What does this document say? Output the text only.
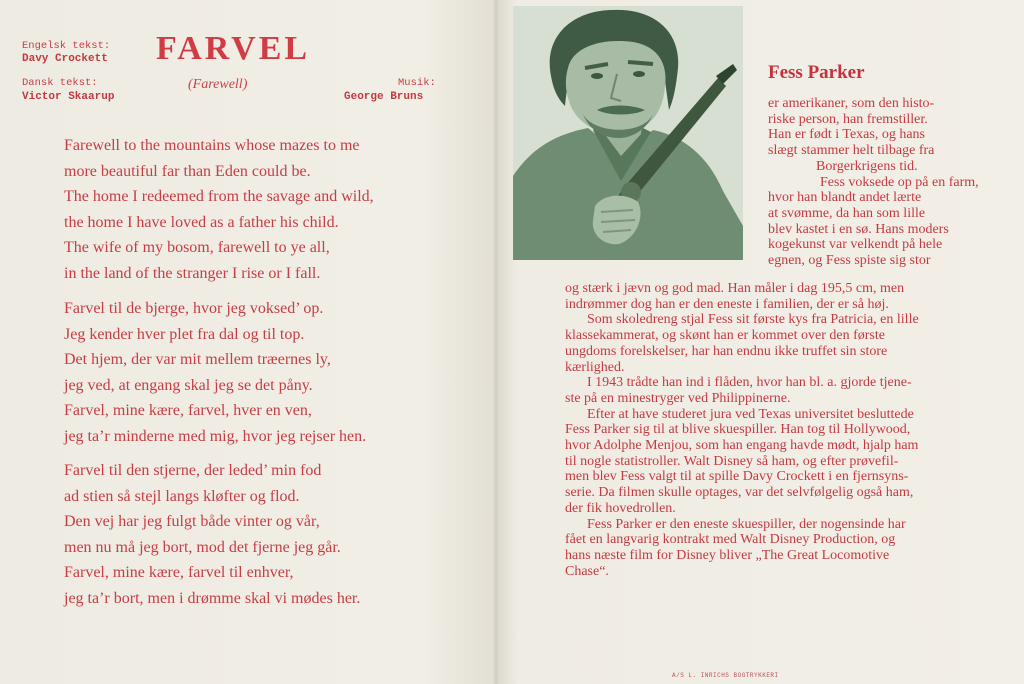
Engelsk tekst:
Davy Crockett
Dansk tekst:
Victor Skaarup
FARVEL
(Farewell)	Musik:
George Bruns
Farewell to the mountains whose mazes to me
more beautiful far than Eden could be.
The home I redeemed from the savage and wild,
the home I have loved as a father his child.
The wife of my bosom, farewell to ye all,
in the land of the stranger I rise or I fall.
Farvel til de bjerge, hvor jeg voksed’ op.
Jeg kender hver plet fra dal og til top.
Det hjem, der var mit mellem træernes ly,
jeg ved, at engang skal jeg se det påny.
Farvel, mine kære, farvel, hver en ven,
jeg ta’r minderne med mig, hvor jeg rejser hen.
Farvel til den stjerne, der leded’ min fod
ad stien så stejl langs kløfter og flod.
Den vej har jeg fulgt både vinter og vår,
men nu må jeg bort, mod det fjerne jeg går.
Farvel, mine kære, farvel til enhver,
jeg ta’r bort, men i drømme skal vi mødes her.
Fess Parker
er amerikaner, som den histo-
riske person, han fremstiller.
Han er født i Texas, og hans
slægt stammer helt tilbage fra
Borgerkrigens tid.
Fess voksede op på en farm,
hvor han blandt andet lærte
at svømme, da han som lille
blev kastet i en sø. Hans moders
kogekunst var velkendt på hele
egnen, og Fess spiste sig stor
og stærk i jævn og god mad. Han måler i dag 195,5 cm, men
indrømmer dog han er den eneste i familien, der er så høj.
Som skoledreng stjal Fess sit første kys fra Patricia, en lille
klassekammerat, og skønt han er kommet over den første
ungdoms forelskelser, har han endnu ikke truffet sin store
kærlighed.
I 1943 trådte han ind i flåden, hvor han bl. a. gjorde tjene-
ste på en minestryger ved Philippinerne.
Efter at have studeret jura ved Texas universitet besluttede
Fess Parker sig til at blive skuespiller. Han tog til Hollywood,
hvor Adolphe Menjou, som han engang havde mødt, hjalp ham
til nogle statistroller. Walt Disney så ham, og efter prøvefil-
men blev Fess valgt til at spille Davy Crockett i en fjernsyns-
serie. Da filmen skulle optages, var det selvfølgelig også ham,
der fik hovedrollen.
Fess Parker er den eneste skuespiller, der nogensinde har
fået en langvarig kontrakt med Walt Disney Production, og
hans næste film for Disney bliver „The Great Locomotive
Chase“.
A/S L. INRICHS BOGTRYKKERI
